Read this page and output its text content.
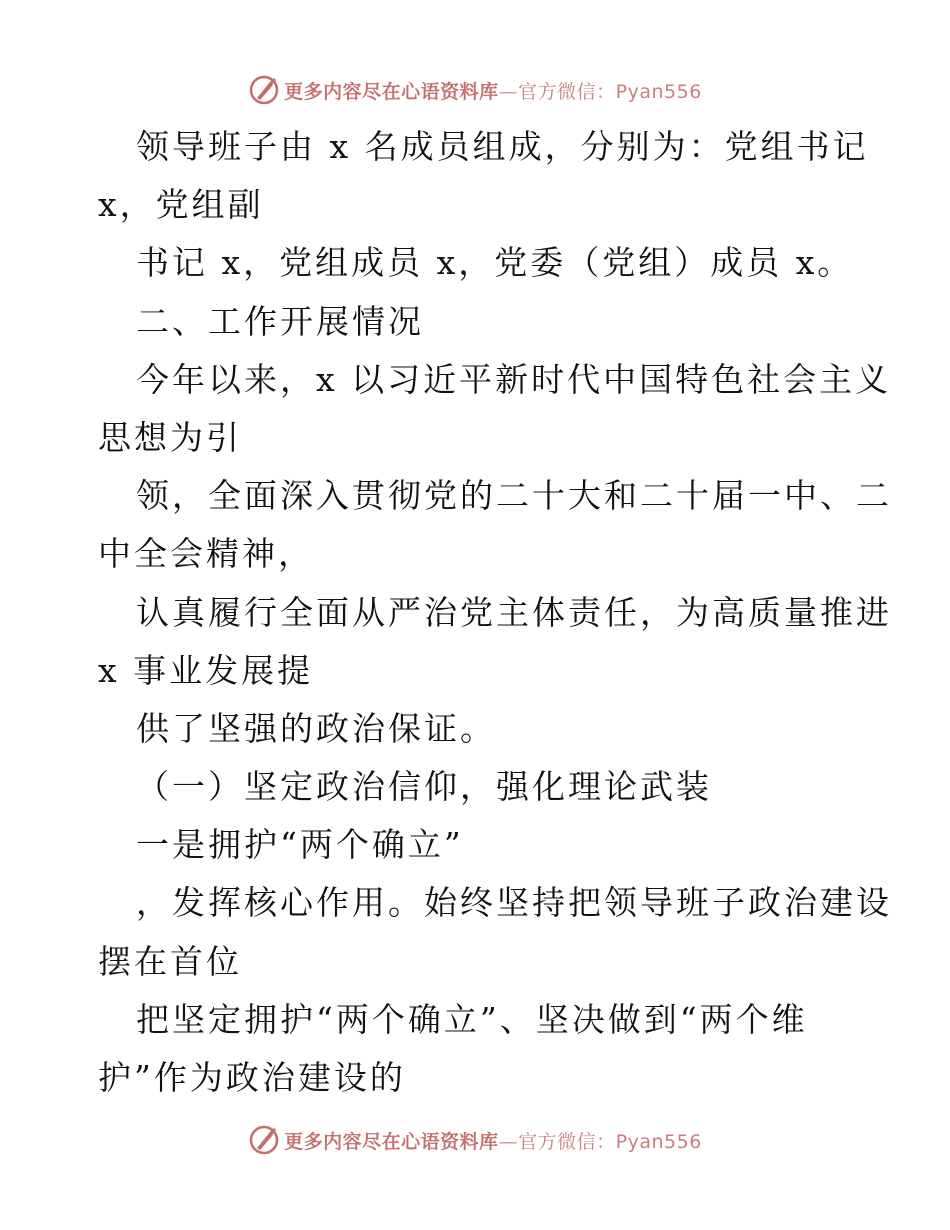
更多内容尽在心语资料库—官方微信：Pyan556
领导班子由 x 名成员组成，分别为：党组书记
x，党组副
书记 x，党组成员 x，党委（党组）成员 x。
二、工作开展情况
今年以来，x 以习近平新时代中国特色社会主义
思想为引
领，全面深入贯彻党的二十大和二十届一中、二
中全会精神，
认真履行全面从严治党主体责任，为高质量推进
x 事业发展提
供了坚强的政治保证。
（一）坚定政治信仰，强化理论武装
一是拥护“两个确立”
，发挥核心作用。始终坚持把领导班子政治建设
摆在首位
把坚定拥护“两个确立”、坚决做到“两个维
护”作为政治建设的
更多内容尽在心语资料库—官方微信：Pyan556
